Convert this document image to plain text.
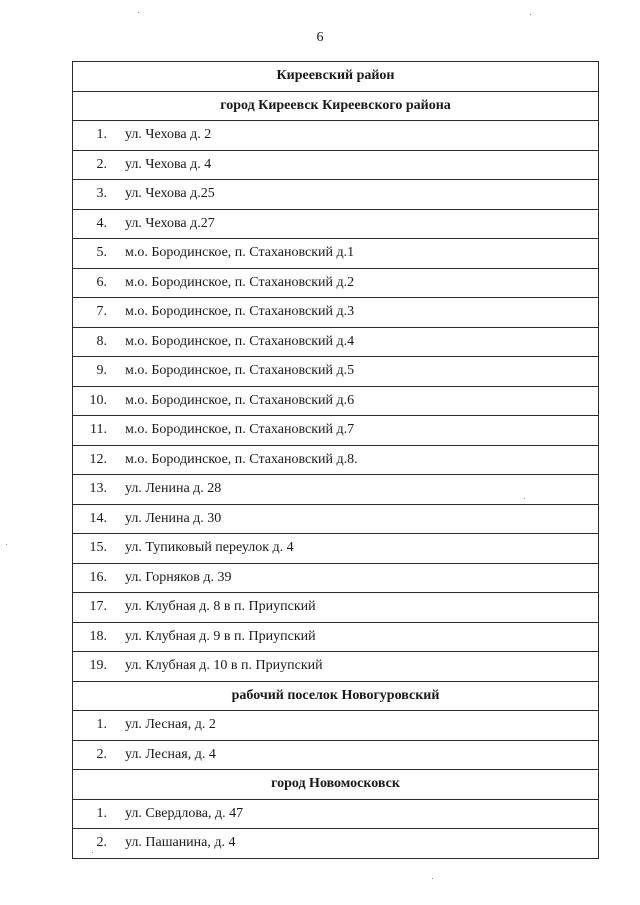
6
Киреевский район
город Киреевск Киреевского района

1.	ул. Чехова д. 2

2.	ул. Чехова д. 4

3.	ул. Чехова д.25

4.	ул. Чехова д.27

5.	м.о. Бородинское, п. Стахановский д.1

6.	м.о. Бородинское, п. Стахановский д.2

7.	м.о. Бородинское, п. Стахановский д.3

8.	м.о. Бородинское, п. Стахановский д.4

9.	м.о. Бородинское, п. Стахановский д.5

10.	м.о. Бородинское, п. Стахановский д.6

11.	м.о. Бородинское, п. Стахановский д.7

12.	м.о. Бородинское, п. Стахановский д.8.

13.	ул. Ленина д. 28

14.	ул. Ленина д. 30

15.	ул. Тупиковый переулок д. 4

16.	ул. Горняков д. 39

17.	ул. Клубная д. 8 в п. Приупский

18.	ул. Клубная д. 9 в п. Приупский

19.	ул. Клубная д. 10 в п. Приупский

рабочий поселок Новогуровский

1.	ул. Лесная, д. 2

2.	ул. Лесная, д. 4

город Новомосковск

1.	ул. Свердлова, д. 47

2.	ул. Пашанина, д. 4
